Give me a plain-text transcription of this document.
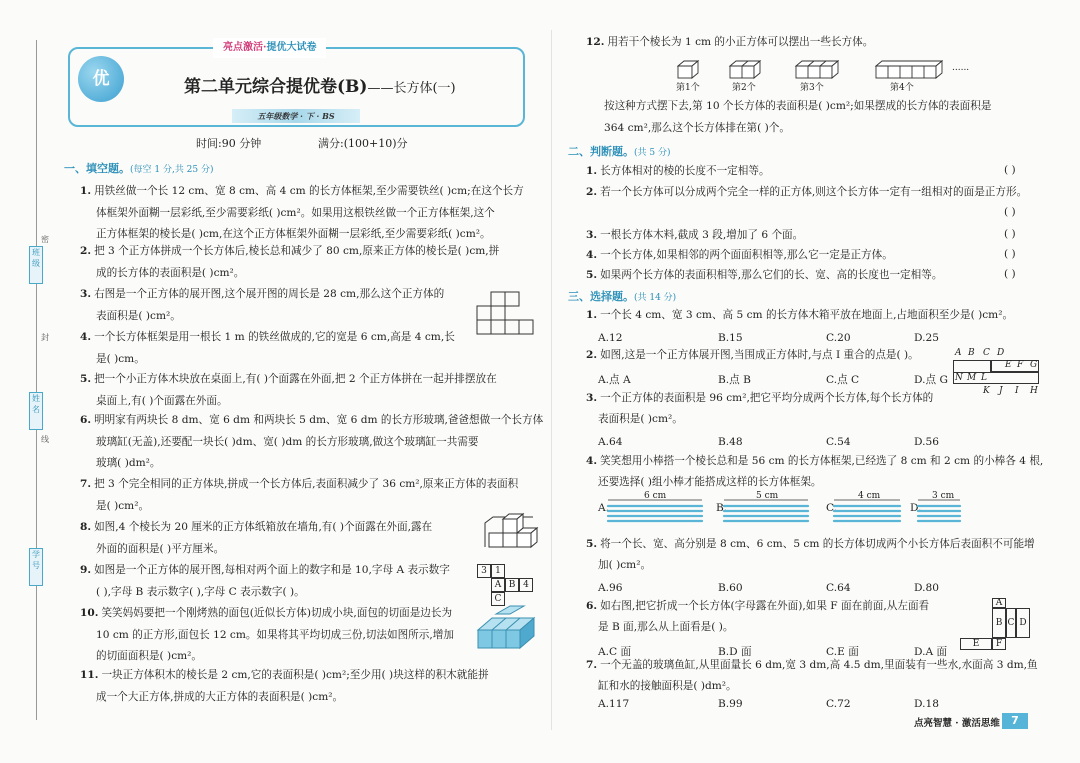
班级
姓名
学号
密
封
线
亮点激活·提优大试卷
优	第二单元综合提优卷(B)——长方体(一)
五年级数学 · 下 · BS
时间:90 分钟	满分:(100+10)分
一、填空题。(每空 1 分,共 25 分)
1. 用铁丝做一个长 12 cm、宽 8 cm、高 4 cm 的长方体框架,至少需要铁丝( )cm;在这个长方
体框架外面糊一层彩纸,至少需要彩纸( )cm²。如果用这根铁丝做一个正方体框架,这个
正方体框架的棱长是( )cm,在这个正方体框架外面糊一层彩纸,至少需要彩纸( )cm²。
2. 把 3 个正方体拼成一个长方体后,棱长总和减少了 80 cm,原来正方体的棱长是( )cm,拼
成的长方体的表面积是( )cm²。
3. 右图是一个正方体的展开图,这个展开图的周长是 28 cm,那么这个正方体的
表面积是( )cm²。
4. 一个长方体框架是用一根长 1 m 的铁丝做成的,它的宽是 6 cm,高是 4 cm,长
是( )cm。
5. 把一个小正方体木块放在桌面上,有( )个面露在外面,把 2 个正方体拼在一起并排摆放在
桌面上,有( )个面露在外面。
6. 明明家有两块长 8 dm、宽 6 dm 和两块长 5 dm、宽 6 dm 的长方形玻璃,爸爸想做一个长方体
玻璃缸(无盖),还要配一块长( )dm、宽( )dm 的长方形玻璃,做这个玻璃缸一共需要
玻璃( )dm²。
7. 把 3 个完全相同的正方体块,拼成一个长方体后,表面积减少了 36 cm²,原来正方体的表面积
是( )cm²。
8. 如图,4 个棱长为 20 厘米的正方体纸箱放在墙角,有( )个面露在外面,露在
外面的面积是( )平方厘米。
9. 如图是一个正方体的展开图,每相对两个面上的数字和是 10,字母 A 表示数字
( ),字母 B 表示数字( ),字母 C 表示数字( )。
10. 笑笑妈妈要把一个刚烤熟的面包(近似长方体)切成小块,面包的切面是边长为
10 cm 的正方形,面包长 12 cm。如果将其平均切成三份,切法如图所示,增加
的切面面积是( )cm²。
11. 一块正方体积木的棱长是 2 cm,它的表面积是( )cm²;至少用( )块这样的积木就能拼
成一个大正方体,拼成的大正方体的表面积是( )cm²。
3 1
A B 4
C
12. 用若干个棱长为 1 cm 的小正方体可以摆出一些长方体。
第1个	第2个	第3个	第4个
......
按这种方式摆下去,第 10 个长方体的表面积是( )cm²;如果摆成的长方体的表面积是
364 cm²,那么这个长方体排在第( )个。
二、判断题。(共 5 分)
1. 长方体相对的棱的长度不一定相等。	( )
2. 若一个长方体可以分成两个完全一样的正方体,则这个长方体一定有一组相对的面是正方形。
( )
3. 一根长方体木料,截成 3 段,增加了 6 个面。	( )
4. 一个长方体,如果相邻的两个面面积相等,那么它一定是正方体。	( )
5. 如果两个长方体的表面积相等,那么它们的长、宽、高的长度也一定相等。	( )
三、选择题。(共 14 分)
1. 一个长 4 cm、宽 3 cm、高 5 cm 的长方体木箱平放在地面上,占地面积至少是( )cm²。
A.12	B.15	C.20	D.25
2. 如图,这是一个正方体展开图,当围成正方体时,与点 I 重合的点是( )。
A.点 A	B.点 B	C.点 C	D.点 G
3. 一个正方体的表面积是 96 cm²,把它平均分成两个长方体,每个长方体的
表面积是( )cm²。
A.64	B.48	C.54	D.56
4. 笑笑想用小棒搭一个棱长总和是 56 cm 的长方体框架,已经选了 8 cm 和 2 cm 的小棒各 4 根,
还要选择( )组小棒才能搭成这样的长方体框架。
A.	B.	C.	D.
5. 将一个长、宽、高分别是 8 cm、6 cm、5 cm 的长方体切成两个小长方体后表面积不可能增
加( )cm²。
A.96	B.60	C.64	D.80
6. 如右图,把它折成一个长方体(字母露在外面),如果 F 面在前面,从左面看
是 B 面,那么从上面看是( )。
A.C 面	B.D 面	C.E 面	D.A 面
7. 一个无盖的玻璃鱼缸,从里面量长 6 dm,宽 3 dm,高 4.5 dm,里面装有一些水,水面高 3 dm,鱼
缸和水的接触面积是( )dm²。
A.117	B.99	C.72	D.18
A B C D
N M L
E F G
K J I H
6 cm	5 cm	4 cm	3 cm
A
B C D
E	F
点亮智慧 · 激活思维	7
